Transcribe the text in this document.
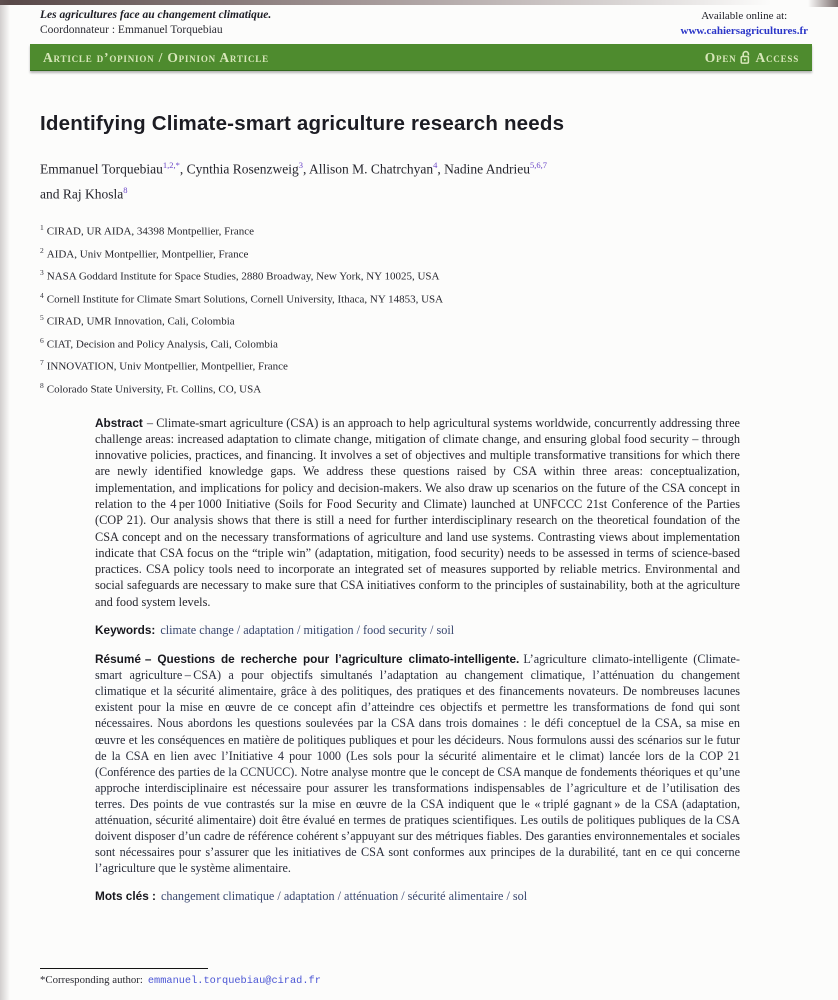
Les agricultures face au changement climatique.
Coordonnateur : Emmanuel Torquebiau
Available online at:
www.cahiersagricultures.fr
Article d’opinion / Opinion Article	Open Access
Identifying Climate-smart agriculture research needs

Emmanuel Torquebiau$^{1,2,*}$, Cynthia Rosenzweig$^3$, Allison M. Chatrchyan$^4$, Nadine Andrieu$^{5,6,7}$
and Raj Khosla$^8$

$^1$ CIRAD, UR AIDA, 34398 Montpellier, France
$^2$ AIDA, Univ Montpellier, Montpellier, France
$^3$ NASA Goddard Institute for Space Studies, 2880 Broadway, New York, NY 10025, USA
$^4$ Cornell Institute for Climate Smart Solutions, Cornell University, Ithaca, NY 14853, USA
$^5$ CIRAD, UMR Innovation, Cali, Colombia
$^6$ CIAT, Decision and Policy Analysis, Cali, Colombia
$^7$ INNOVATION, Univ Montpellier, Montpellier, France
$^8$ Colorado State University, Ft. Collins, CO, USA

Abstract – Climate-smart agriculture (CSA) is an approach to help agricultural systems worldwide, concurrently addressing three challenge areas: increased adaptation to climate change, mitigation of climate change, and ensuring global food security – through innovative policies, practices, and financing. It involves a set of objectives and multiple transformative transitions for which there are newly identified knowledge gaps. We address these questions raised by CSA within three areas: conceptualization, implementation, and implications for policy and decision-makers. We also draw up scenarios on the future of the CSA concept in relation to the 4 per 1000 Initiative (Soils for Food Security and Climate) launched at UNFCCC 21st Conference of the Parties (COP 21). Our analysis shows that there is still a need for further interdisciplinary research on the theoretical foundation of the CSA concept and on the necessary transformations of agriculture and land use systems. Contrasting views about implementation indicate that CSA focus on the “triple win” (adaptation, mitigation, food security) needs to be assessed in terms of science-based practices. CSA policy tools need to incorporate an integrated set of measures supported by reliable metrics. Environmental and social safeguards are necessary to make sure that CSA initiatives conform to the principles of sustainability, both at the agriculture and food system levels.

Keywords: climate change / adaptation / mitigation / food security / soil

Résumé – Questions de recherche pour l’agriculture climato-intelligente. L’agriculture climato-intelligente (Climate-smart agriculture – CSA) a pour objectifs simultanés l’adaptation au changement climatique, l’atténuation du changement climatique et la sécurité alimentaire, grâce à des politiques, des pratiques et des financements novateurs. De nombreuses lacunes existent pour la mise en œuvre de ce concept afin d’atteindre ces objectifs et permettre les transformations de fond qui sont nécessaires. Nous abordons les questions soulevées par la CSA dans trois domaines : le défi conceptuel de la CSA, sa mise en œuvre et les conséquences en matière de politiques publiques et pour les décideurs. Nous formulons aussi des scénarios sur le futur de la CSA en lien avec l’Initiative 4 pour 1000 (Les sols pour la sécurité alimentaire et le climat) lancée lors de la COP 21 (Conférence des parties de la CCNUCC). Notre analyse montre que le concept de CSA manque de fondements théoriques et qu’une approche interdisciplinaire est nécessaire pour assurer les transformations indispensables de l’agriculture et de l’utilisation des terres. Des points de vue contrastés sur la mise en œuvre de la CSA indiquent que le « triplé gagnant » de la CSA (adaptation, atténuation, sécurité alimentaire) doit être évalué en termes de pratiques scientifiques. Les outils de politiques publiques de la CSA doivent disposer d’un cadre de référence cohérent s’appuyant sur des métriques fiables. Des garanties environnementales et sociales sont nécessaires pour s’assurer que les initiatives de CSA sont conformes aux principes de la durabilité, tant en ce qui concerne l’agriculture que le système alimentaire.

Mots clés : changement climatique / adaptation / atténuation / sécurité alimentaire / sol

*Corresponding author: emmanuel.torquebiau@cirad.fr
